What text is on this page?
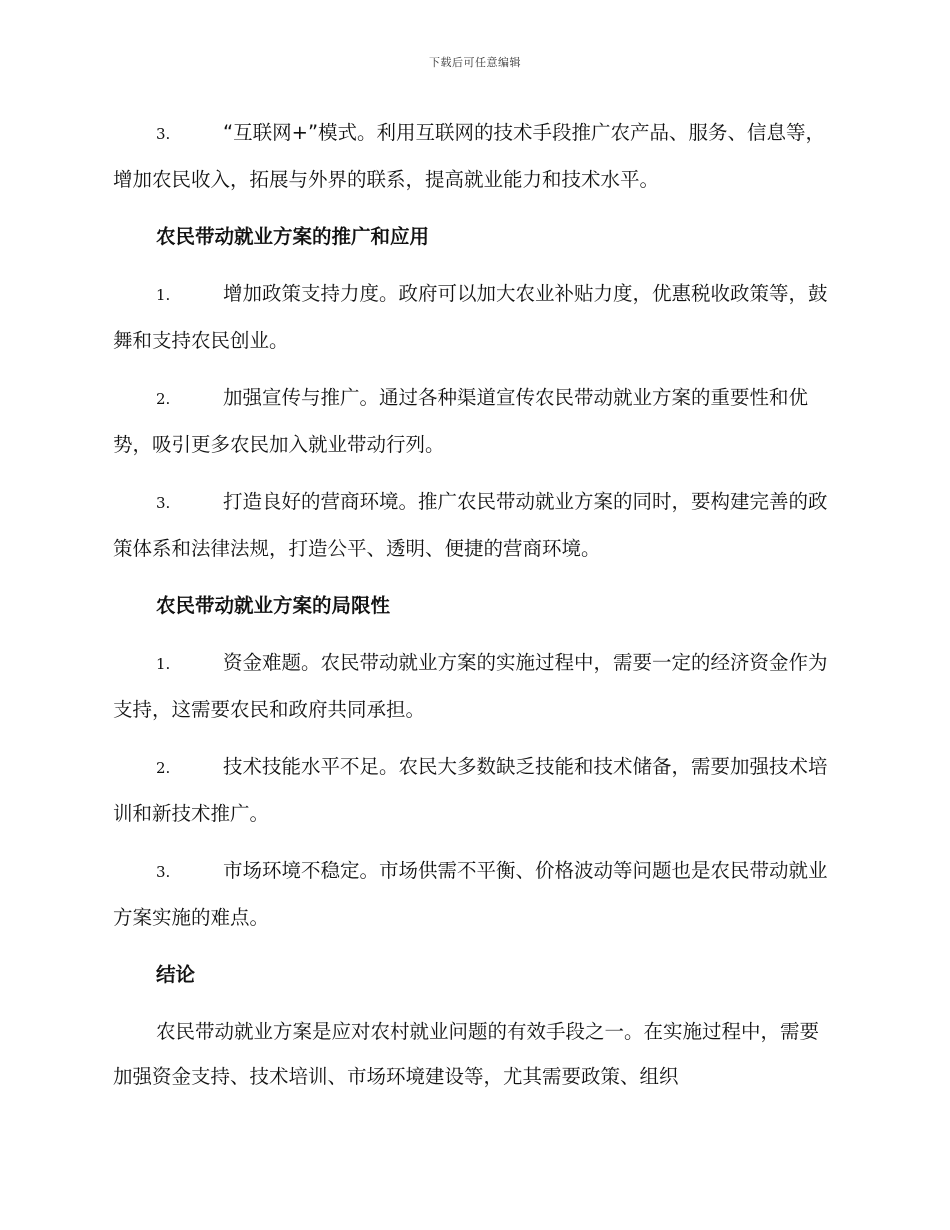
下载后可任意编辑

3.	“互联网+”模式。利用互联网的技术手段推广农产品、服务、信息等，增加农民收入，拓展与外界的联系，提高就业能力和技术水平。

农民带动就业方案的推广和应用

1.	增加政策支持力度。政府可以加大农业补贴力度，优惠税收政策等，鼓舞和支持农民创业。

2.	加强宣传与推广。通过各种渠道宣传农民带动就业方案的重要性和优势，吸引更多农民加入就业带动行列。

3.	打造良好的营商环境。推广农民带动就业方案的同时，要构建完善的政策体系和法律法规，打造公平、透明、便捷的营商环境。

农民带动就业方案的局限性

1.	资金难题。农民带动就业方案的实施过程中，需要一定的经济资金作为支持，这需要农民和政府共同承担。

2.	技术技能水平不足。农民大多数缺乏技能和技术储备，需要加强技术培训和新技术推广。

3.	市场环境不稳定。市场供需不平衡、价格波动等问题也是农民带动就业方案实施的难点。

结论

农民带动就业方案是应对农村就业问题的有效手段之一。在实施过程中，需要加强资金支持、技术培训、市场环境建设等，尤其需要政策、组织
